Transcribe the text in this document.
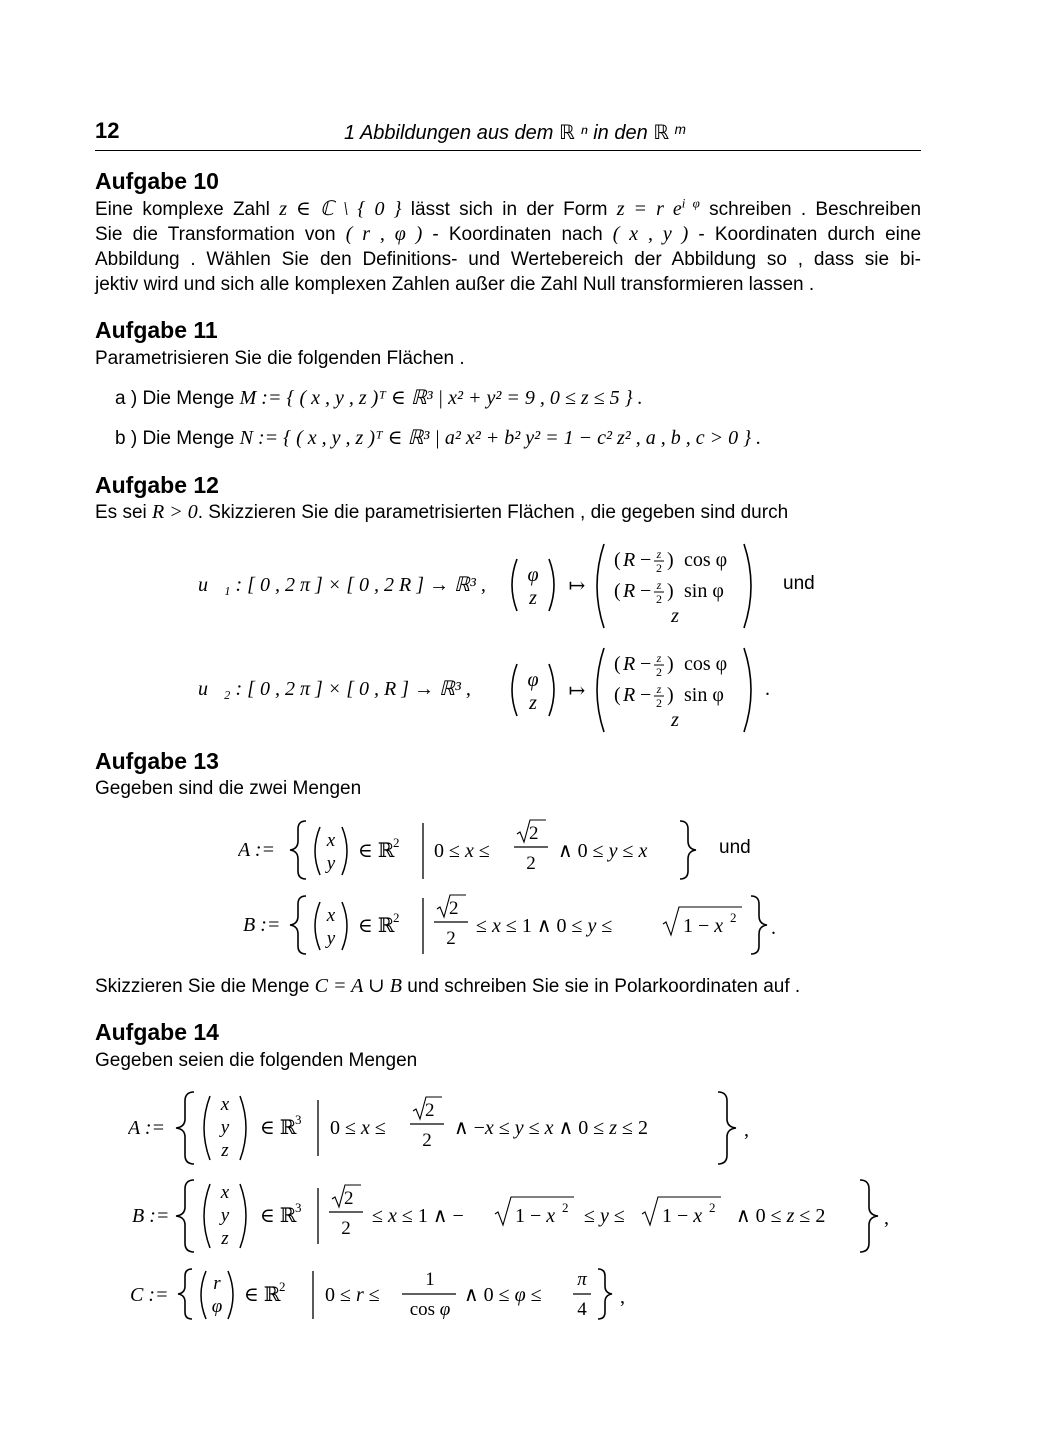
12	1 Abbildungen aus dem ℝ ⁿ in den ℝ ᵐ
Aufgabe 10
Eine komplexe Zahl z ∈ ℂ \ { 0 } lässt sich in der Form z = r $e^{i \varphi}$ schreiben . Beschreiben
Sie die Transformation von ( r , φ ) - Koordinaten nach ( x , y ) - Koordinaten durch eine
Abbildung . Wählen Sie den Definitions- und Wertebereich der Abbildung so , dass sie bi-
jektiv wird und sich alle komplexen Zahlen außer die Zahl Null transformieren lassen .
Aufgabe 11
Parametrisieren Sie die folgenden Flächen .
a ) Die Menge M := { ( x , y , z )ᵀ ∈ ℝ³ | x² + y² = 9 , 0 ≤ z ≤ 5 } .
b ) Die Menge N := { ( x , y , z )ᵀ ∈ ℝ³ | a² x² + b² y² = 1 − c² z² , a , b , c > 0 } .
Aufgabe 12
Es sei R > 0. Skizzieren Sie die parametrisierten Flächen , die gegeben sind durch
u⃗₁ : [ 0 , 2 π ] × [ 0 , 2 R ] → ℝ³ , φ
z
↦
( R − z
2 ) cos φ
( R − z
2 ) sin φ
z
und
u⃗₂ : [ 0 , 2 π ] × [ 0 , R ] → ℝ³ ,	φ
z
↦
( R − z
2 ) cos φ
( R − z
2 ) sin φ
z
.
Aufgabe 13
Gegeben sind die zwei Mengen
A :=	x
y
∈ ℝ
2 0 ≤ x ≤
2
2
∧ 0 ≤ y ≤ x	und
B := x
y
∈ ℝ
2	2
2
≤ x ≤ 1 ∧ 0 ≤ y ≤	1 − x 2 .
Skizzieren Sie die Menge C = A ∪ B und schreiben Sie sie in Polarkoordinaten auf .
Aufgabe 14
Gegeben seien die folgenden Mengen
A :=
x
y
z
∈ ℝ
3 0 ≤ x ≤
2
2
∧ −x ≤ y ≤ x ∧ 0 ≤ z ≤ 2	,
B :=
x
y
z
∈ ℝ
3 2
2
≤ x ≤ 1 ∧ −	1 − x 2 ≤ y ≤ 1 − x 2 ∧ 0 ≤ z ≤ 2	,
C :=
r
φ
∈ ℝ
2 0 ≤ r ≤
1
cos φ
∧ 0 ≤ φ ≤
π
4
,
